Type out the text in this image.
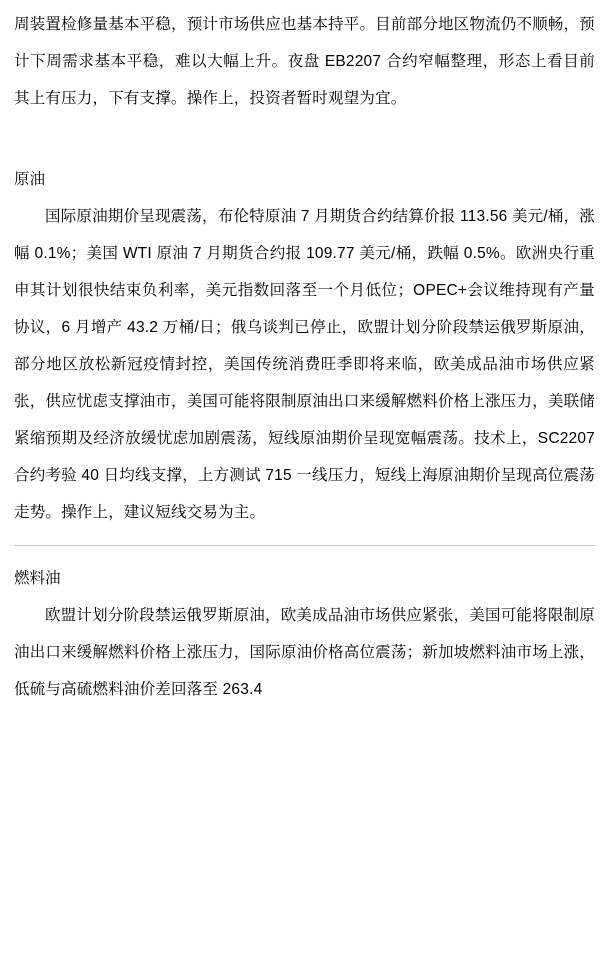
周装置检修量基本平稳，预计市场供应也基本持平。目前部分地区物流仍不顺畅，预计下周需求基本平稳，难以大幅上升。夜盘 EB2207 合约窄幅整理，形态上看目前其上有压力，下有支撑。操作上，投资者暂时观望为宜。

原油

国际原油期价呈现震荡，布伦特原油 7 月期货合约结算价报 113.56 美元/桶，涨幅 0.1%；美国 WTI 原油 7 月期货合约报 109.77 美元/桶，跌幅 0.5%。欧洲央行重申其计划很快结束负利率，美元指数回落至一个月低位；OPEC+会议维持现有产量协议，6 月增产 43.2 万桶/日；俄乌谈判已停止，欧盟计划分阶段禁运俄罗斯原油，部分地区放松新冠疫情封控，美国传统消费旺季即将来临，欧美成品油市场供应紧张，供应忧虑支撑油市，美国可能将限制原油出口来缓解燃料价格上涨压力，美联储紧缩预期及经济放缓忧虑加剧震荡，短线原油期价呈现宽幅震荡。技术上，SC2207 合约考验 40 日均线支撑，上方测试 715 一线压力，短线上海原油期价呈现高位震荡走势。操作上，建议短线交易为主。

燃料油

欧盟计划分阶段禁运俄罗斯原油，欧美成品油市场供应紧张，美国可能将限制原油出口来缓解燃料价格上涨压力，国际原油价格高位震荡；新加坡燃料油市场上涨，低硫与高硫燃料油价差回落至 263.4
